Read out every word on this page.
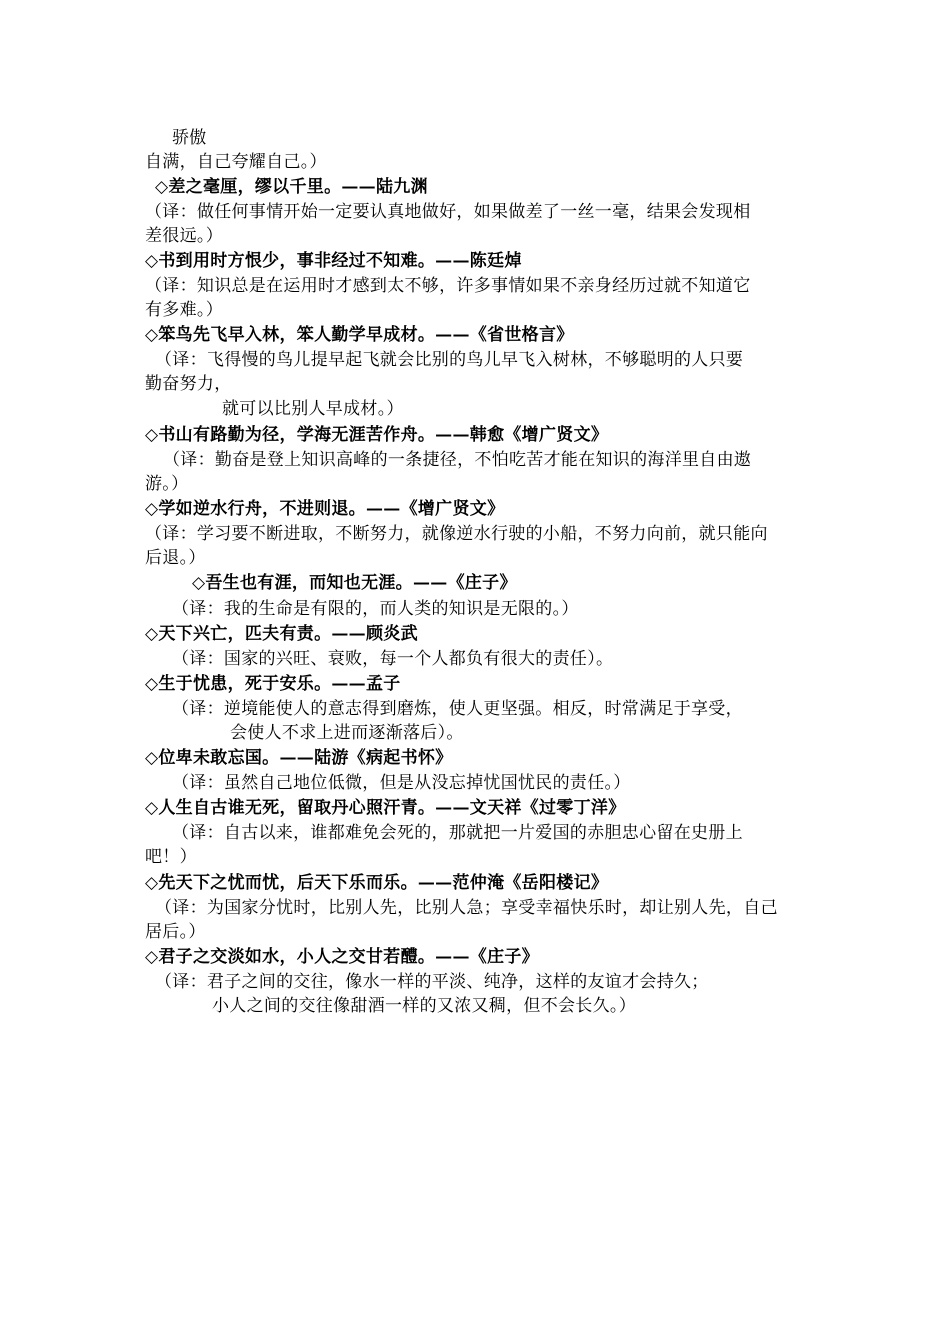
骄傲
自满，自己夸耀自己。）
◇差之毫厘，缪以千里。——陆九渊
（译：做任何事情开始一定要认真地做好，如果做差了一丝一毫，结果会发现相
差很远。）
◇书到用时方恨少，事非经过不知难。——陈廷焯
（译：知识总是在运用时才感到太不够，许多事情如果不亲身经历过就不知道它
有多难。）
◇笨鸟先飞早入林，笨人勤学早成材。——《省世格言》
（译：飞得慢的鸟儿提早起飞就会比别的鸟儿早飞入树林，不够聪明的人只要
勤奋努力，
就可以比别人早成材。）
◇书山有路勤为径，学海无涯苦作舟。——韩愈《增广贤文》
（译：勤奋是登上知识高峰的一条捷径，不怕吃苦才能在知识的海洋里自由遨
游。）
◇学如逆水行舟，不进则退。——《增广贤文》
（译：学习要不断进取，不断努力，就像逆水行驶的小船，不努力向前，就只能向
后退。）
◇吾生也有涯，而知也无涯。——《庄子》
（译：我的生命是有限的，而人类的知识是无限的。）
◇天下兴亡，匹夫有责。——顾炎武
（译：国家的兴旺、衰败，每一个人都负有很大的责任）。
◇生于忧患，死于安乐。——孟子
（译：逆境能使人的意志得到磨炼，使人更坚强。相反，时常满足于享受，
会使人不求上进而逐渐落后）。
◇位卑未敢忘国。——陆游《病起书怀》
（译：虽然自己地位低微，但是从没忘掉忧国忧民的责任。）
◇人生自古谁无死，留取丹心照汗青。——文天祥《过零丁洋》
（译：自古以来，谁都难免会死的，那就把一片爱国的赤胆忠心留在史册上
吧！）
◇先天下之忧而忧，后天下乐而乐。——范仲淹《岳阳楼记》
（译：为国家分忧时，比别人先，比别人急；享受幸福快乐时，却让别人先，自己
居后。）
◇君子之交淡如水，小人之交甘若醴。——《庄子》
（译：君子之间的交往，像水一样的平淡、纯净，这样的友谊才会持久；
小人之间的交往像甜酒一样的又浓又稠，但不会长久。）
